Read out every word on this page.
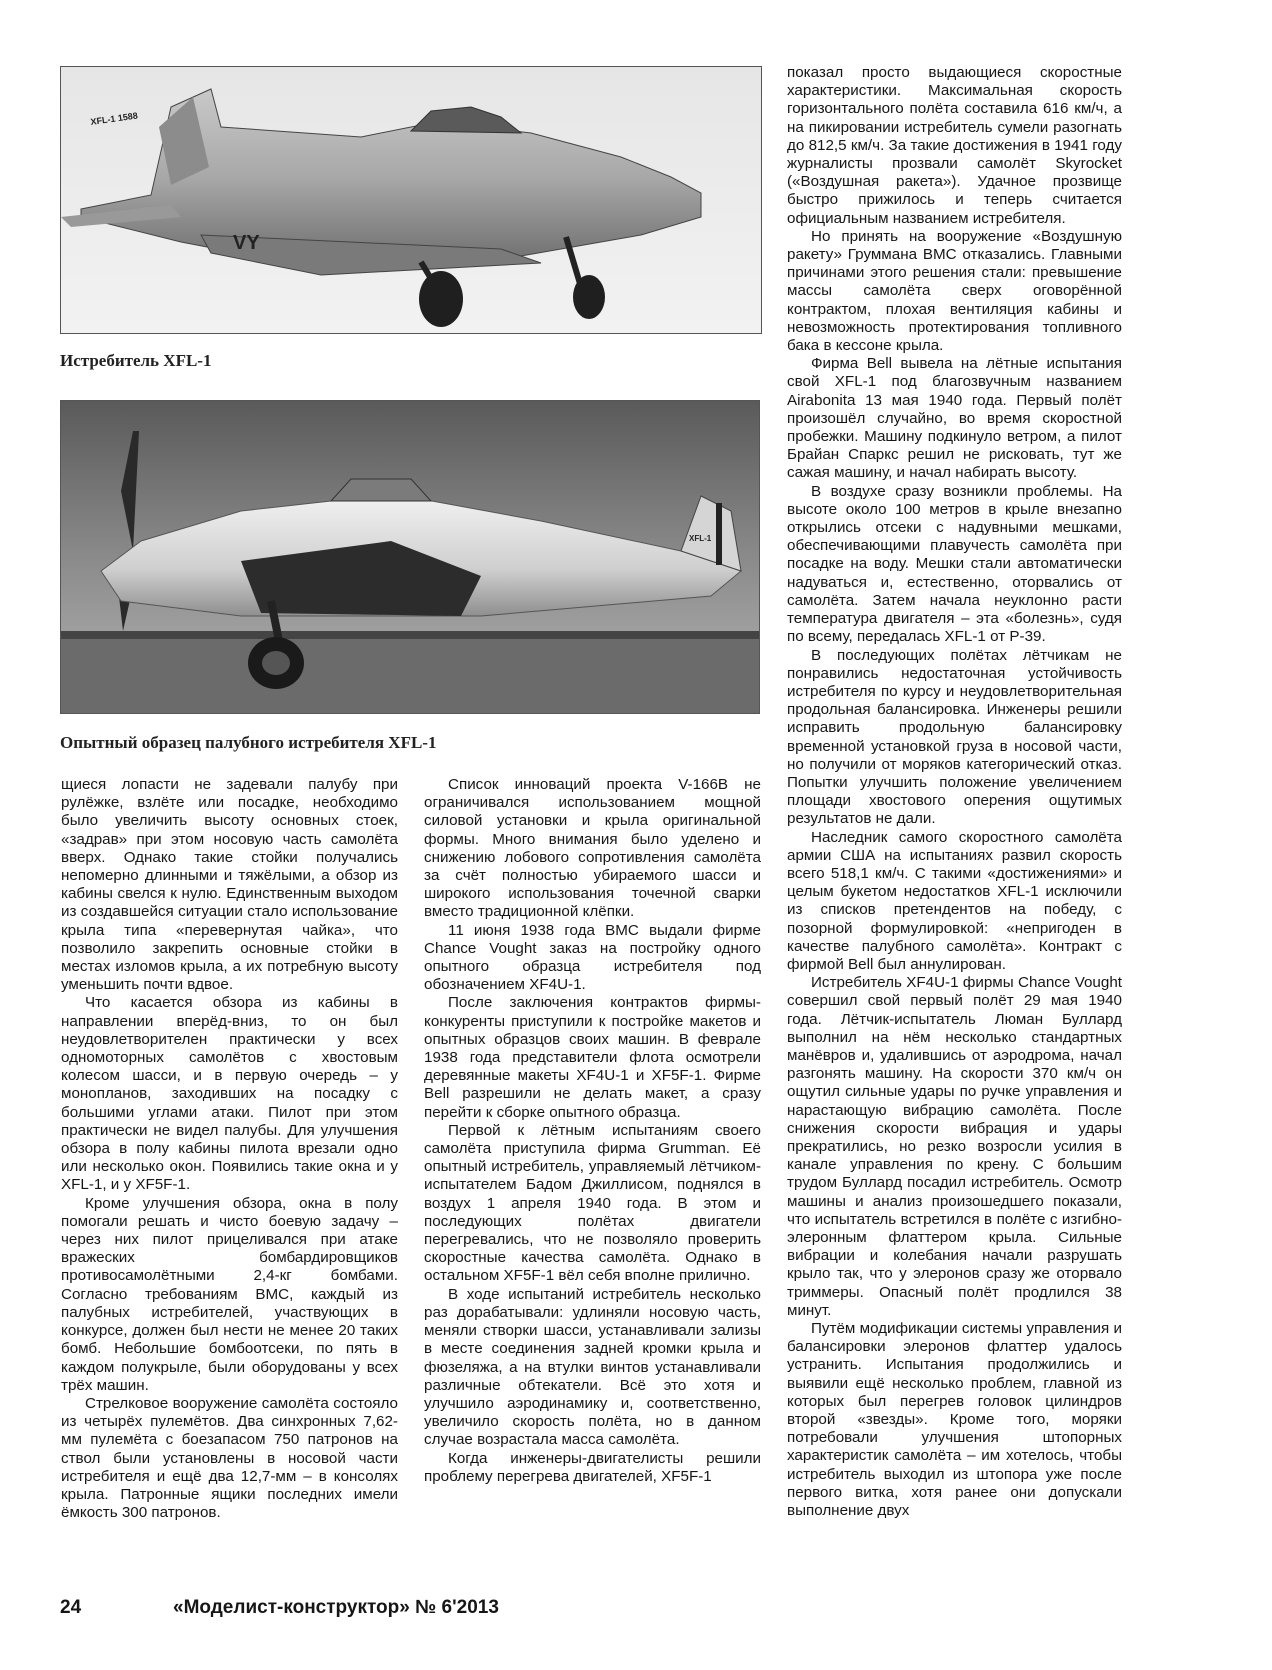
XFL-1 1588
VY
Истребитель XFL-1
XFL-1
Опытный образец палубного истребителя XFL-1

щиеся лопасти не задевали палубу при рулёжке, взлёте или посадке, необходимо было увеличить высоту основных стоек, «задрав» при этом носовую часть самолёта вверх. Однако такие стойки получались непомерно длинными и тяжёлыми, а обзор из кабины свелся к нулю. Единственным выходом из создавшейся ситуации стало использование крыла типа «перевернутая чайка», что позволило закрепить основные стойки в местах изломов крыла, а их потребную высоту уменьшить почти вдвое.

Что касается обзора из кабины в направлении вперёд-вниз, то он был неудовлетворителен практически у всех одномоторных самолётов с хвостовым колесом шасси, и в первую очередь – у монопланов, заходивших на посадку с большими углами атаки. Пилот при этом практически не видел палубы. Для улучшения обзора в полу кабины пилота врезали одно или несколько окон. Появились такие окна и у XFL-1, и у XF5F-1.

Кроме улучшения обзора, окна в полу помогали решать и чисто боевую задачу – через них пилот прицеливался при атаке вражеских бомбардировщиков противосамолётными 2,4-кг бомбами. Согласно требованиям ВМС, каждый из палубных истребителей, участвующих в конкурсе, должен был нести не менее 20 таких бомб. Небольшие бомбоотсеки, по пять в каждом полукрыле, были оборудованы у всех трёх машин.

Стрелковое вооружение самолёта состояло из четырёх пулемётов. Два синхронных 7,62-мм пулемёта с боезапасом 750 патронов на ствол были установлены в носовой части истребителя и ещё два 12,7-мм – в консолях крыла. Патронные ящики последних имели ёмкость 300 патронов.

Список инноваций проекта V-166B не ограничивался использованием мощной силовой установки и крыла оригинальной формы. Много внимания было уделено и снижению лобового сопротивления самолёта за счёт полностью убираемого шасси и широкого использования точечной сварки вместо традиционной клёпки.

11 июня 1938 года ВМС выдали фирме Chance Vought заказ на постройку одного опытного образца истребителя под обозначением XF4U-1.

После заключения контрактов фирмы-конкуренты приступили к постройке макетов и опытных образцов своих машин. В феврале 1938 года представители флота осмотрели деревянные макеты XF4U-1 и XF5F-1. Фирме Bell разрешили не делать макет, а сразу перейти к сборке опытного образца.

Первой к лётным испытаниям своего самолёта приступила фирма Grumman. Её опытный истребитель, управляемый лётчиком-испытателем Бадом Джиллисом, поднялся в воздух 1 апреля 1940 года. В этом и последующих полётах двигатели перегревались, что не позволяло проверить скоростные качества самолёта. Однако в остальном XF5F-1 вёл себя вполне прилично.

В ходе испытаний истребитель несколько раз дорабатывали: удлиняли носовую часть, меняли створки шасси, устанавливали зализы в месте соединения задней кромки крыла и фюзеляжа, а на втулки винтов устанавливали различные обтекатели. Всё это хотя и улучшило аэродинамику и, соответственно, увеличило скорость полёта, но в данном случае возрастала масса самолёта.

Когда инженеры-двигателисты решили проблему перегрева двигателей, XF5F-1

показал просто выдающиеся скоростные характеристики. Максимальная скорость горизонтального полёта составила 616 км/ч, а на пикировании истребитель сумели разогнать до 812,5 км/ч. За такие достижения в 1941 году журналисты прозвали самолёт Skyrocket («Воздушная ракета»). Удачное прозвище быстро прижилось и теперь считается официальным названием истребителя.

Но принять на вооружение «Воздушную ракету» Груммана ВМС отказались. Главными причинами этого решения стали: превышение массы самолёта сверх оговорённой контрактом, плохая вентиляция кабины и невозможность протектирования топливного бака в кессоне крыла.

Фирма Bell вывела на лётные испытания свой XFL-1 под благозвучным названием Airabonita 13 мая 1940 года. Первый полёт произошёл случайно, во время скоростной пробежки. Машину подкинуло ветром, а пилот Брайан Спаркс решил не рисковать, тут же сажая машину, и начал набирать высоту.

В воздухе сразу возникли проблемы. На высоте около 100 метров в крыле внезапно открылись отсеки с надувными мешками, обеспечивающими плавучесть самолёта при посадке на воду. Мешки стали автоматически надуваться и, естественно, оторвались от самолёта. Затем начала неуклонно расти температура двигателя – эта «болезнь», судя по всему, передалась XFL-1 от P-39.

В последующих полётах лётчикам не понравились недостаточная устойчивость истребителя по курсу и неудовлетворительная продольная балансировка. Инженеры решили исправить продольную балансировку временной установкой груза в носовой части, но получили от моряков категорический отказ. Попытки улучшить положение увеличением площади хвостового оперения ощутимых результатов не дали.

Наследник самого скоростного самолёта армии США на испытаниях развил скорость всего 518,1 км/ч. С такими «достижениями» и целым букетом недостатков XFL-1 исключили из списков претендентов на победу, с позорной формулировкой: «непригоден в качестве палубного самолёта». Контракт с фирмой Bell был аннулирован.

Истребитель XF4U-1 фирмы Chance Vought совершил свой первый полёт 29 мая 1940 года. Лётчик-испытатель Люман Буллард выполнил на нём несколько стандартных манёвров и, удалившись от аэродрома, начал разгонять машину. На скорости 370 км/ч он ощутил сильные удары по ручке управления и нарастающую вибрацию самолёта. После снижения скорости вибрация и удары прекратились, но резко возросли усилия в канале управления по крену. С большим трудом Буллард посадил истребитель. Осмотр машины и анализ произошедшего показали, что испытатель встретился в полёте с изгибно-элеронным флаттером крыла. Сильные вибрации и колебания начали разрушать крыло так, что у элеронов сразу же оторвало триммеры. Опасный полёт продлился 38 минут.

Путём модификации системы управления и балансировки элеронов флаттер удалось устранить. Испытания продолжились и выявили ещё несколько проблем, главной из которых был перегрев головок цилиндров второй «звезды». Кроме того, моряки потребовали улучшения штопорных характеристик самолёта – им хотелось, чтобы истребитель выходил из штопора уже после первого витка, хотя ранее они допускали выполнение двух

24	«Моделист-конструктор» № 6'2013
